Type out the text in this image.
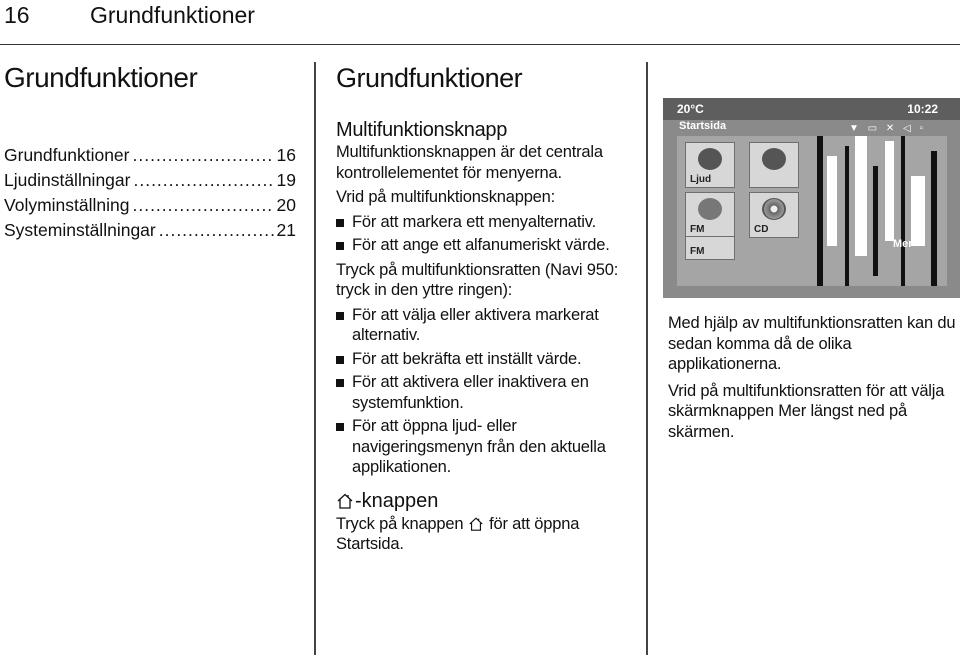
16	Grundfunktioner
Grundfunktioner
Grundfunktioner .....	16
Ljudinställningar .....	19
Volyminställning .....	20
Systeminställningar .....	21
Grundfunktioner
Multifunktionsknapp

Multifunktionsknappen är det centrala kontrollelementet för menyerna.

Vrid på multifunktionsknappen:

För att markera ett menyalternativ.
För att ange ett alfanumeriskt värde.

Tryck på multifunktionsratten (Navi 950: tryck in den yttre ringen):

För att välja eller aktivera markerat alternativ.
För att bekräfta ett inställt värde.
För att aktivera eller inaktivera en systemfunktion.
För att öppna ljud- eller navigeringsmenyn från den aktuella applikationen.
-knappen

Tryck på knappen för att öppna Startsida.

20°C	10:22
Startsida	▼ ▭ ✕ ◁ ▫
Ljud
FM
FM
CD
Mer

Med hjälp av multifunktionsratten kan du sedan komma då de olika applikationerna.

Vrid på multifunktionsratten för att välja skärmknappen Mer längst ned på skärmen.
